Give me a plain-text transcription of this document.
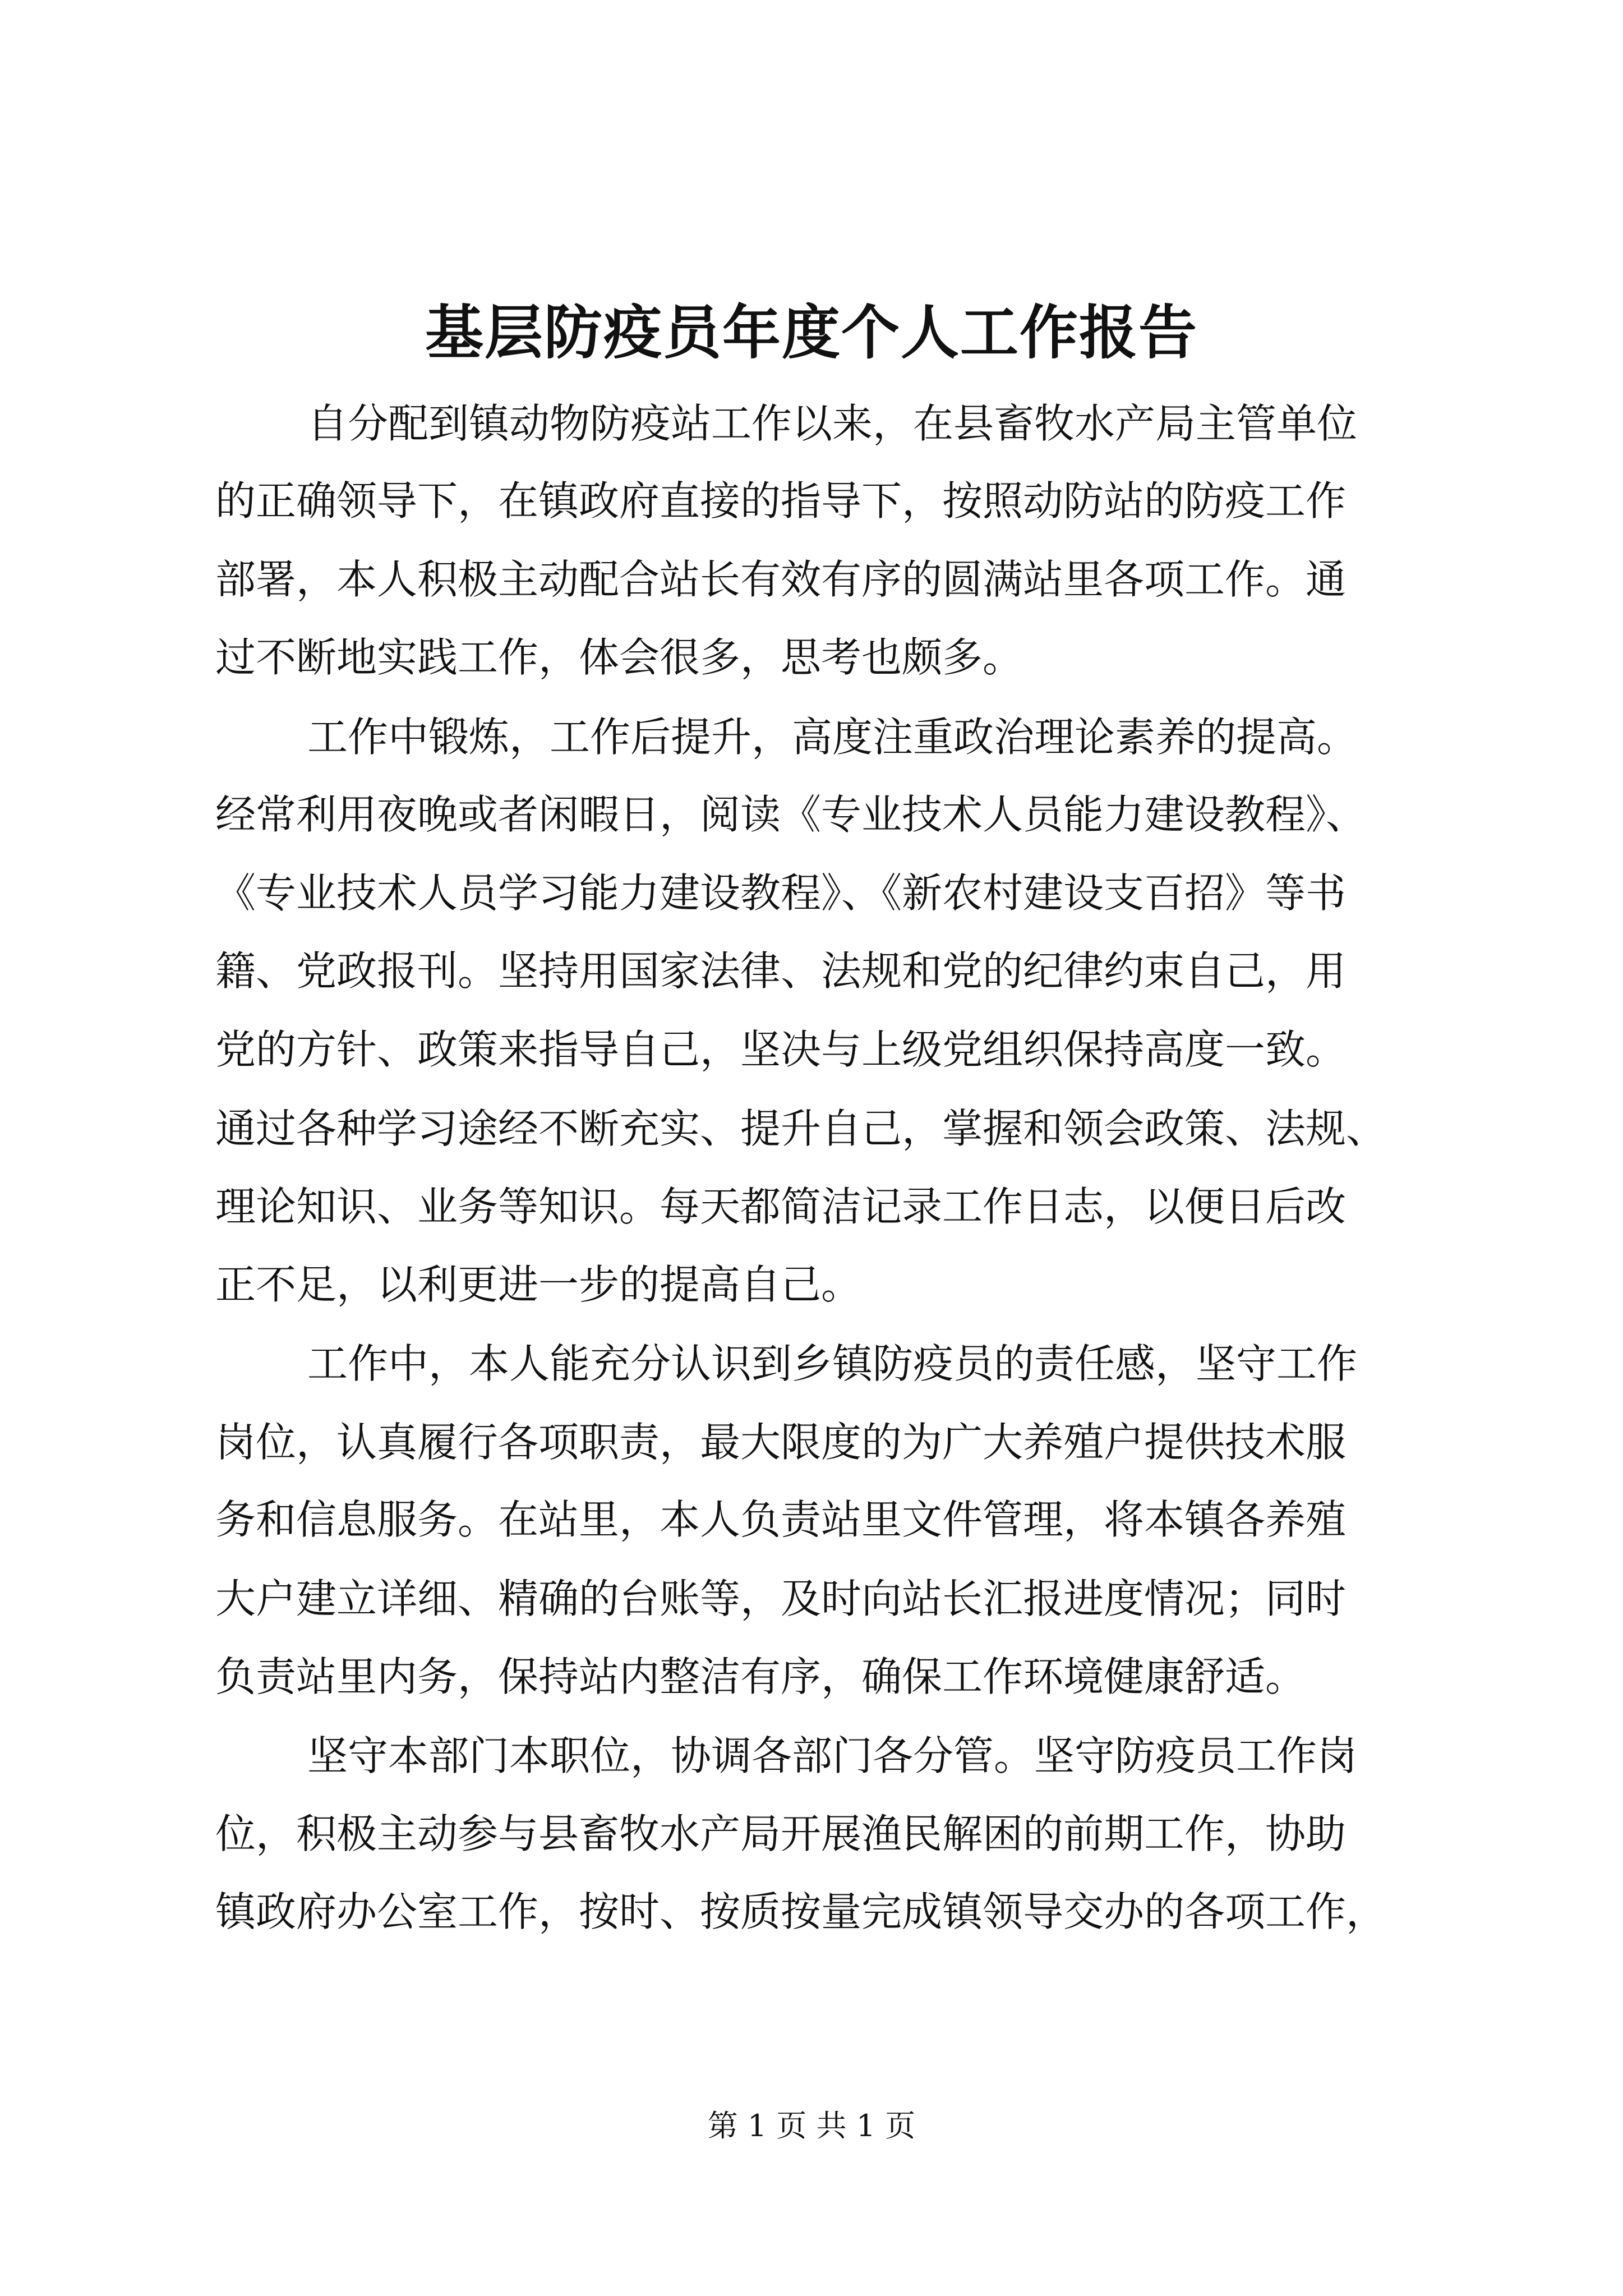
基层防疫员年度个人工作报告
自分配到镇动物防疫站工作以来，在县畜牧水产局主管单位
的正确领导下，在镇政府直接的指导下，按照动防站的防疫工作
部署，本人积极主动配合站长有效有序的圆满站里各项工作。通
过不断地实践工作，体会很多，思考也颇多。
工作中锻炼，工作后提升，高度注重政治理论素养的提高。
经常利用夜晚或者闲暇日，阅读《专业技术人员能力建设教程》、
《专业技术人员学习能力建设教程》、《新农村建设支百招》等书
籍、党政报刊。坚持用国家法律、法规和党的纪律约束自己，用
党的方针、政策来指导自己，坚决与上级党组织保持高度一致。
通过各种学习途经不断充实、提升自己，掌握和领会政策、法规、
理论知识、业务等知识。每天都简洁记录工作日志，以便日后改
正不足，以利更进一步的提高自己。
工作中，本人能充分认识到乡镇防疫员的责任感，坚守工作
岗位，认真履行各项职责，最大限度的为广大养殖户提供技术服
务和信息服务。在站里，本人负责站里文件管理，将本镇各养殖
大户建立详细、精确的台账等，及时向站长汇报进度情况；同时
负责站里内务，保持站内整洁有序，确保工作环境健康舒适。
坚守本部门本职位，协调各部门各分管。坚守防疫员工作岗
位，积极主动参与县畜牧水产局开展渔民解困的前期工作，协助
镇政府办公室工作，按时、按质按量完成镇领导交办的各项工作，
第 1 页 共 1 页
